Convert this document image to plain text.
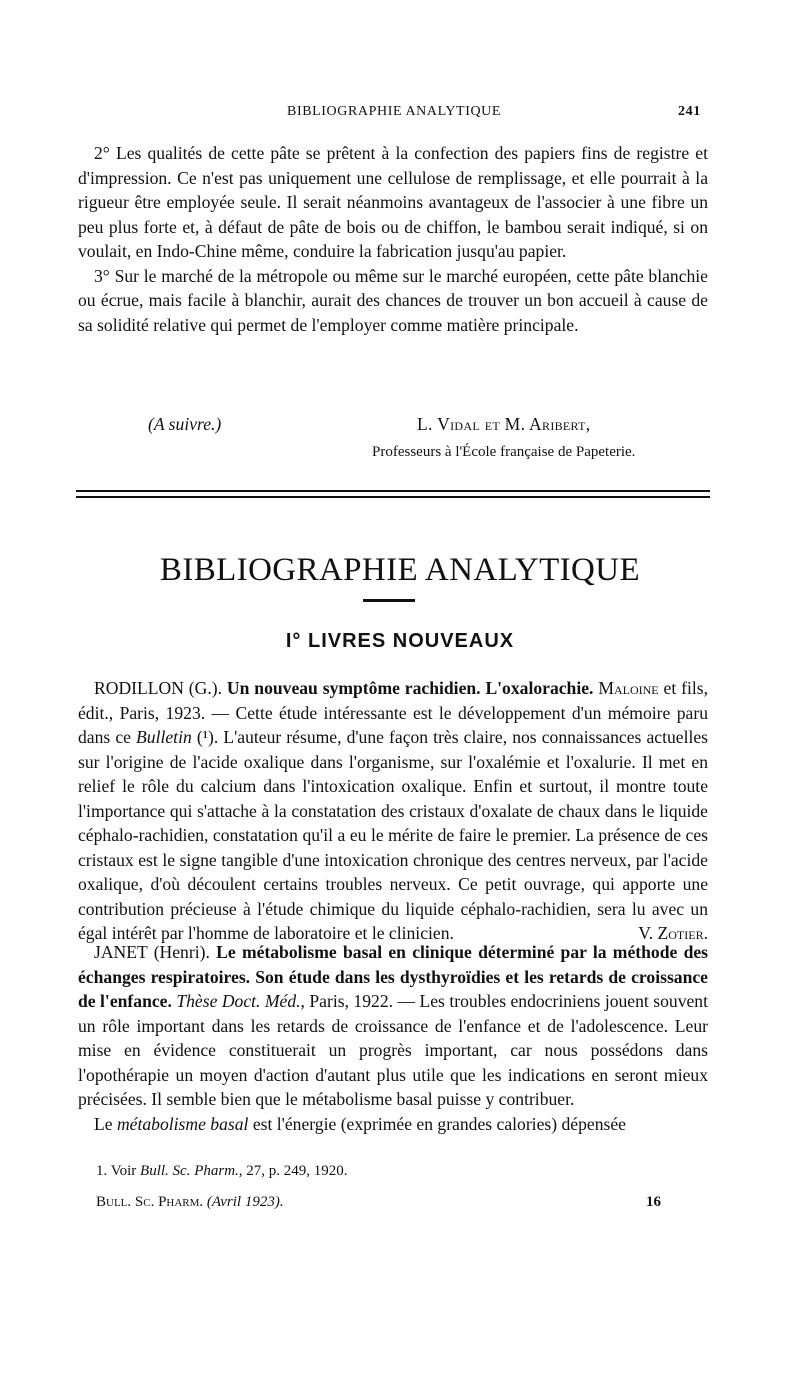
BIBLIOGRAPHIE ANALYTIQUE	241

2° Les qualités de cette pâte se prêtent à la confection des papiers fins de registre et d'impression. Ce n'est pas uniquement une cellulose de remplissage, et elle pourrait à la rigueur être employée seule. Il serait néanmoins avantageux de l'associer à une fibre un peu plus forte et, à défaut de pâte de bois ou de chiffon, le bambou serait indiqué, si on voulait, en Indo-Chine même, conduire la fabrication jusqu'au papier.

3° Sur le marché de la métropole ou même sur le marché européen, cette pâte blanchie ou écrue, mais facile à blanchir, aurait des chances de trouver un bon accueil à cause de sa solidité relative qui permet de l'employer comme matière principale.

(A suivre.)	L. Vidal et M. Aribert,
Professeurs à l'École française de Papeterie.
BIBLIOGRAPHIE ANALYTIQUE
I° LIVRES NOUVEAUX

RODILLON (G.). Un nouveau symptôme rachidien. L'oxalorachie. Maloine et fils, édit., Paris, 1923. — Cette étude intéressante est le développement d'un mémoire paru dans ce Bulletin (¹). L'auteur résume, d'une façon très claire, nos connaissances actuelles sur l'origine de l'acide oxalique dans l'organisme, sur l'oxalémie et l'oxalurie. Il met en relief le rôle du calcium dans l'intoxication oxalique. Enfin et surtout, il montre toute l'importance qui s'attache à la constatation des cristaux d'oxalate de chaux dans le liquide céphalo-rachidien, constatation qu'il a eu le mérite de faire le premier. La présence de ces cristaux est le signe tangible d'une intoxication chronique des centres nerveux, par l'acide oxalique, d'où découlent certains troubles nerveux. Ce petit ouvrage, qui apporte une contribution précieuse à l'étude chimique du liquide céphalo-rachidien, sera lu avec un égal intérêt par l'homme de laboratoire et le clinicien.	V. Zotier.

JANET (Henri). Le métabolisme basal en clinique déterminé par la méthode des échanges respiratoires. Son étude dans les dysthyroïdies et les retards de croissance de l'enfance. Thèse Doct. Méd., Paris, 1922. — Les troubles endocriniens jouent souvent un rôle important dans les retards de croissance de l'enfance et de l'adolescence. Leur mise en évidence constituerait un progrès important, car nous possédons dans l'opothérapie un moyen d'action d'autant plus utile que les indications en seront mieux précisées. Il semble bien que le métabolisme basal puisse y contribuer.

Le métabolisme basal est l'énergie (exprimée en grandes calories) dépensée

1. Voir Bull. Sc. Pharm., 27, p. 249, 1920.
Bull. Sc. Pharm. (Avril 1923).	16
